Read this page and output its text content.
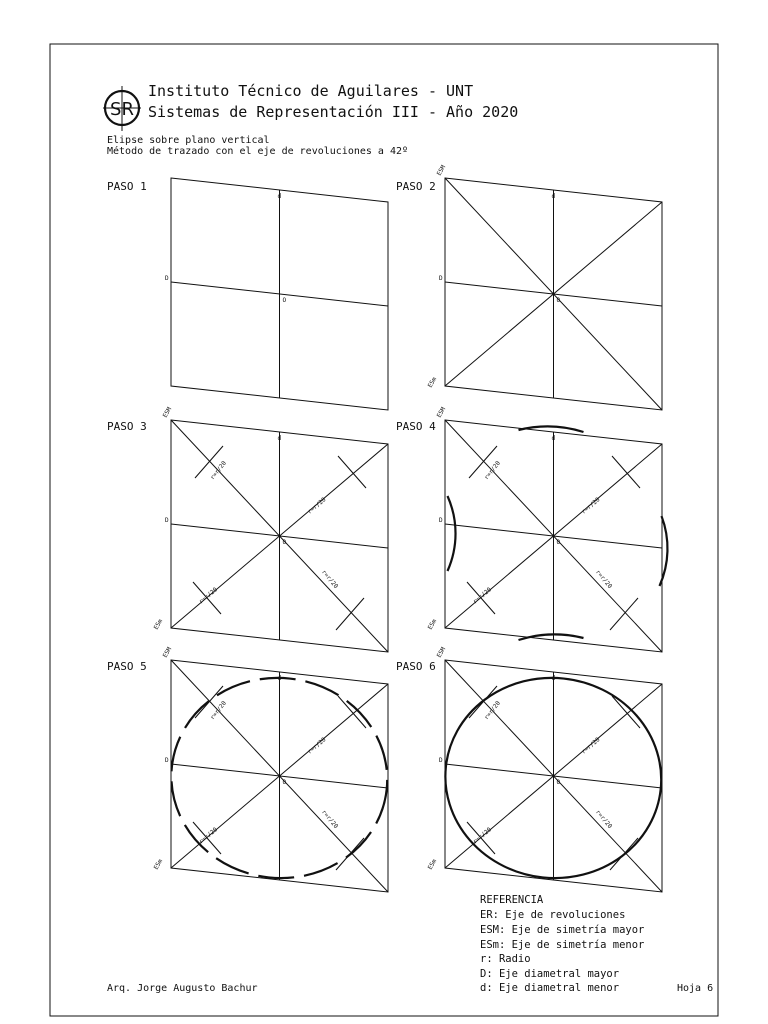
SR
Instituto Técnico de Aguilares - UNT
Sistemas de Representación III - Año 2020
Elipse sobre plano vertical
Método de trazado con el eje de revoluciones a 42º
PASO 1	PASO 2
PASO 3	PASO 4
PASO 5	PASO 6
d
D
O
d
D
O
ESM
ESm
d
D
O
ESM
ESm
r=r/20
r=r/20
r=r/20
r=r/20
d
D
O
ESM
ESm
r=r/20
r=r/20
r=r/20
r=r/20
d
D
O
ESM
ESm
r=r/20
r=r/20
r=r/20
r=r/20
d
D
O
ESM
ESm
r=r/20
r=r/20
r=r/20
r=r/20
REFERENCIA
ER: Eje de revoluciones
ESM: Eje de simetría mayor
ESm: Eje de simetría menor
r: Radio
D: Eje diametral mayor
d: Eje diametral menor
Arq. Jorge Augusto Bachur	Hoja 6
